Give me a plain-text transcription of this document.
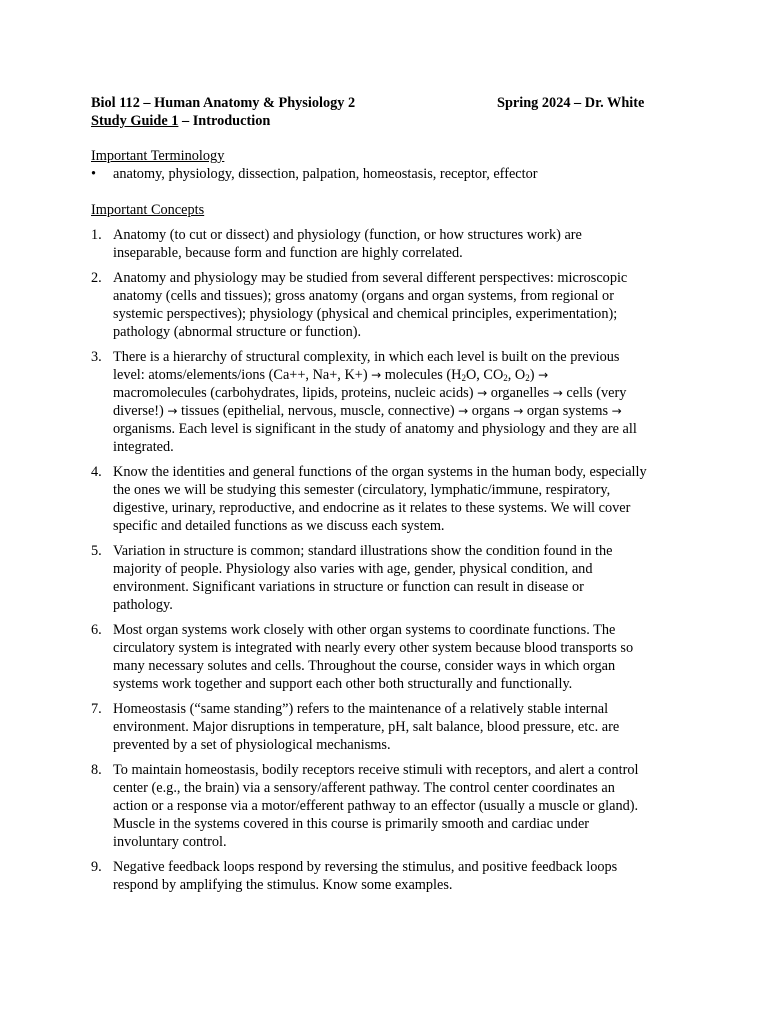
Biol 112 – Human Anatomy & Physiology 2	Spring 2024 – Dr. White
Study Guide 1 – Introduction
Important Terminology
• anatomy, physiology, dissection, palpation, homeostasis, receptor, effector
Important Concepts
1. Anatomy (to cut or dissect) and physiology (function, or how structures work) are
inseparable, because form and function are highly correlated.
2. Anatomy and physiology may be studied from several different perspectives: microscopic
anatomy (cells and tissues); gross anatomy (organs and organ systems, from regional or
systemic perspectives); physiology (physical and chemical principles, experimentation);
pathology (abnormal structure or function).
3. There is a hierarchy of structural complexity, in which each level is built on the previous
level: atoms/elements/ions (Ca++, Na+, K+) → molecules ($H_2O$, $CO_2$, $O_2$) →
macromolecules (carbohydrates, lipids, proteins, nucleic acids) → organelles → cells (very
diverse!) → tissues (epithelial, nervous, muscle, connective) → organs → organ systems →
organisms. Each level is significant in the study of anatomy and physiology and they are all
integrated.
4. Know the identities and general functions of the organ systems in the human body, especially
the ones we will be studying this semester (circulatory, lymphatic/immune, respiratory,
digestive, urinary, reproductive, and endocrine as it relates to these systems. We will cover
specific and detailed functions as we discuss each system.
5. Variation in structure is common; standard illustrations show the condition found in the
majority of people. Physiology also varies with age, gender, physical condition, and
environment. Significant variations in structure or function can result in disease or
pathology.
6. Most organ systems work closely with other organ systems to coordinate functions. The
circulatory system is integrated with nearly every other system because blood transports so
many necessary solutes and cells. Throughout the course, consider ways in which organ
systems work together and support each other both structurally and functionally.
7. Homeostasis (“same standing”) refers to the maintenance of a relatively stable internal
environment. Major disruptions in temperature, pH, salt balance, blood pressure, etc. are
prevented by a set of physiological mechanisms.
8. To maintain homeostasis, bodily receptors receive stimuli with receptors, and alert a control
center (e.g., the brain) via a sensory/afferent pathway. The control center coordinates an
action or a response via a motor/efferent pathway to an effector (usually a muscle or gland).
Muscle in the systems covered in this course is primarily smooth and cardiac under
involuntary control.
9. Negative feedback loops respond by reversing the stimulus, and positive feedback loops
respond by amplifying the stimulus. Know some examples.
